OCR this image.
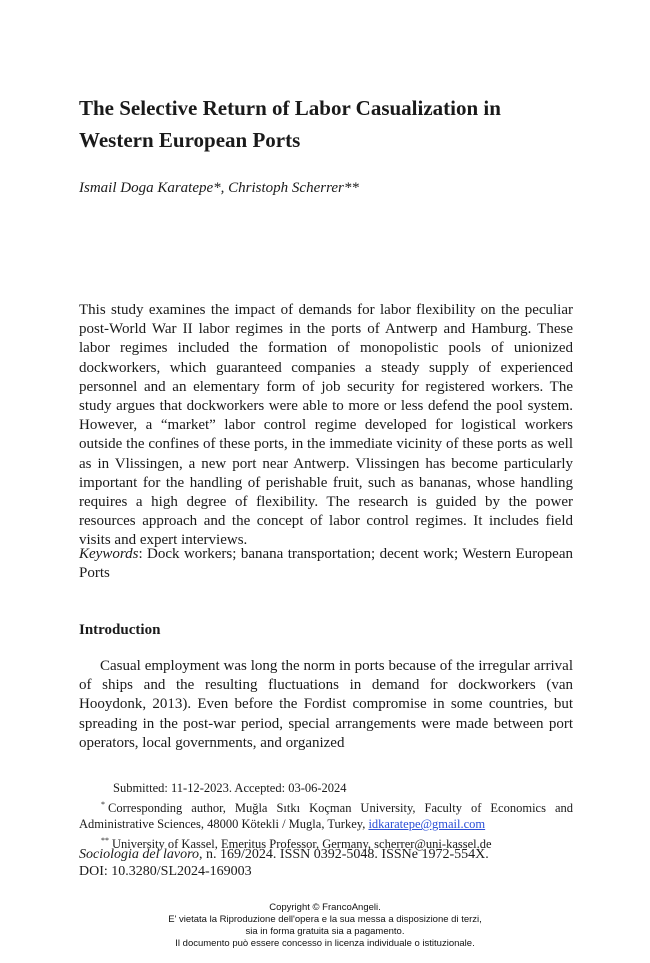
The Selective Return of Labor Casualization in Western European Ports
Ismail Doga Karatepe*, Christoph Scherrer**

This study examines the impact of demands for labor flexibility on the peculiar post-World War II labor regimes in the ports of Antwerp and Hamburg. These labor regimes included the formation of monopolistic pools of unionized dockworkers, which guaranteed companies a steady supply of experienced personnel and an elementary form of job security for registered workers. The study argues that dockworkers were able to more or less defend the pool system. However, a “market” labor control regime developed for logistical workers outside the confines of these ports, in the immediate vicinity of these ports as well as in Vlissingen, a new port near Antwerp. Vlissingen has become particularly important for the handling of perishable fruit, such as bananas, whose handling requires a high degree of flexibility. The research is guided by the power resources approach and the concept of labor control regimes. It includes field visits and expert interviews.

Keywords: Dock workers; banana transportation; decent work; Western European Ports
Introduction

Casual employment was long the norm in ports because of the irregular arrival of ships and the resulting fluctuations in demand for dockworkers (van Hooydonk, 2013). Even before the Fordist compromise in some countries, but spreading in the post-war period, special arrangements were made between port operators, local governments, and organized

Submitted: 11-12-2023. Accepted: 03-06-2024
* Corresponding author, Muğla Sıtkı Koçman University, Faculty of Economics and Administrative Sciences, 48000 Kötekli / Mugla, Turkey, idkaratepe@gmail.com
** University of Kassel, Emeritus Professor, Germany, scherrer@uni-kassel.de
Sociologia del lavoro, n. 169/2024. ISSN 0392-5048. ISSNe 1972-554X.
DOI: 10.3280/SL2024-169003
Copyright © FrancoAngeli.
E' vietata la Riproduzione dell'opera e la sua messa a disposizione di terzi,
sia in forma gratuita sia a pagamento.
Il documento può essere concesso in licenza individuale o istituzionale.
